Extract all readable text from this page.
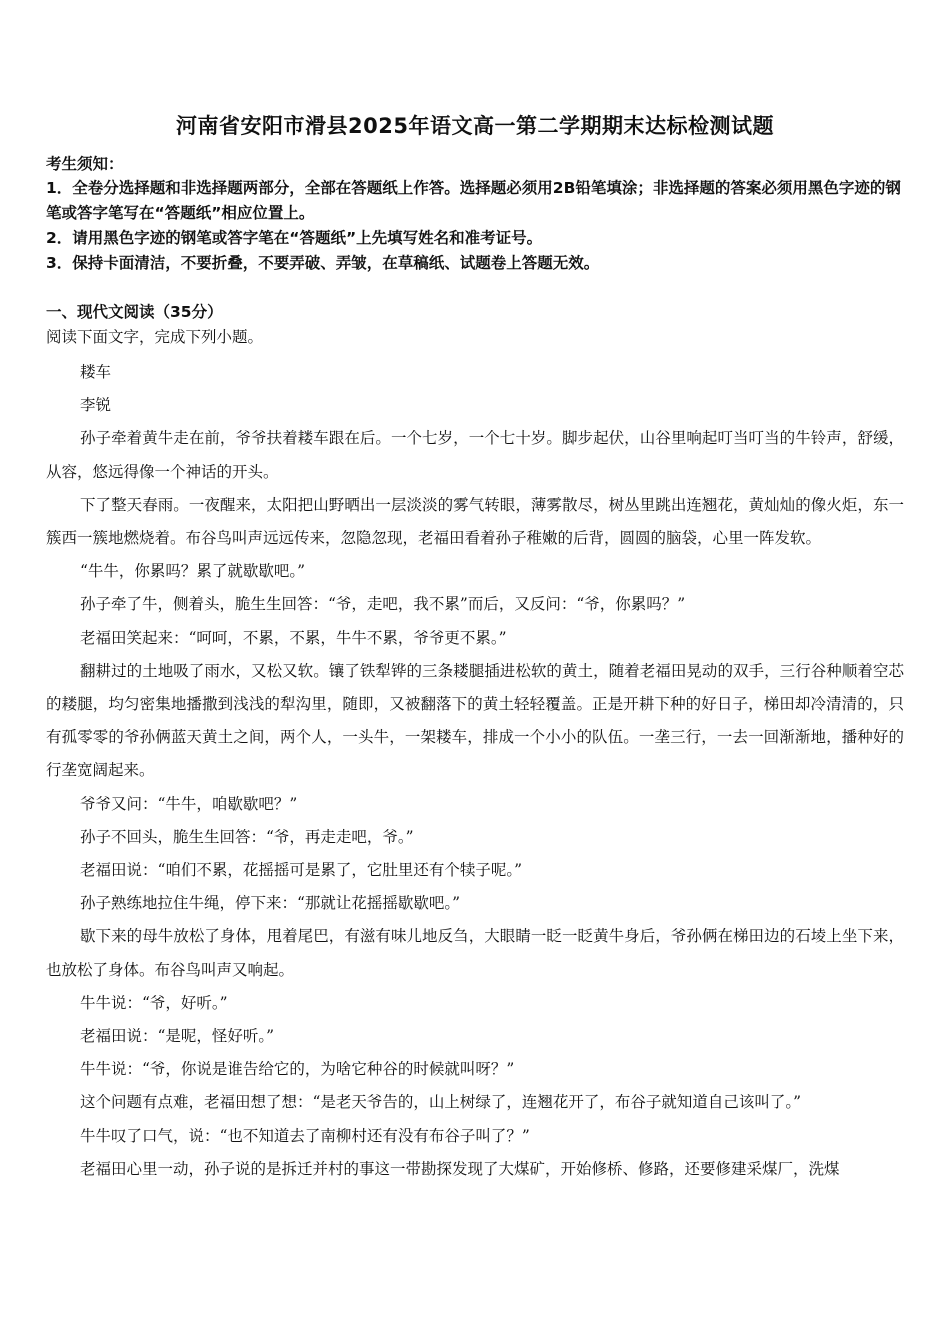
河南省安阳市滑县2025年语文高一第二学期期末达标检测试题
考生须知：

1．全卷分选择题和非选择题两部分，全部在答题纸上作答。选择题必须用2B铅笔填涂；非选择题的答案必须用黑色字迹的钢笔或答字笔写在“答题纸”相应位置上。

2．请用黑色字迹的钢笔或答字笔在“答题纸”上先填写姓名和准考证号。

3．保持卡面清洁，不要折叠，不要弄破、弄皱，在草稿纸、试题卷上答题无效。

一、现代文阅读（35分）
阅读下面文字，完成下列小题。

耧车

李锐

孙子牵着黄牛走在前，爷爷扶着耧车跟在后。一个七岁，一个七十岁。脚步起伏，山谷里响起叮当叮当的牛铃声，舒缓，从容，悠远得像一个神话的开头。

下了整天春雨。一夜醒来，太阳把山野晒出一层淡淡的雾气转眼，薄雾散尽，树丛里跳出连翘花，黄灿灿的像火炬，东一簇西一簇地燃烧着。布谷鸟叫声远远传来，忽隐忽现，老福田看着孙子稚嫩的后背，圆圆的脑袋，心里一阵发软。

“牛牛，你累吗？累了就歇歇吧。”

孙子牵了牛，侧着头，脆生生回答：“爷，走吧，我不累”而后，又反问：“爷，你累吗？”

老福田笑起来：“呵呵，不累，不累，牛牛不累，爷爷更不累。”

翻耕过的土地吸了雨水，又松又软。镶了铁犁铧的三条耧腿插进松软的黄土，随着老福田晃动的双手，三行谷种顺着空芯的耧腿，均匀密集地播撒到浅浅的犁沟里，随即，又被翻落下的黄土轻轻覆盖。正是开耕下种的好日子，梯田却冷清清的，只有孤零零的爷孙俩蓝天黄土之间，两个人，一头牛，一架耧车，排成一个小小的队伍。一垄三行，一去一回渐渐地，播种好的行垄宽阔起来。

爷爷又问：“牛牛，咱歇歇吧？”

孙子不回头，脆生生回答：“爷，再走走吧，爷。”

老福田说：“咱们不累，花摇摇可是累了，它肚里还有个犊子呢。”

孙子熟练地拉住牛绳，停下来：“那就让花摇摇歇歇吧。”

歇下来的母牛放松了身体，甩着尾巴，有滋有味儿地反刍，大眼睛一眨一眨黄牛身后，爷孙俩在梯田边的石堎上坐下来，也放松了身体。布谷鸟叫声又响起。

牛牛说：“爷，好听。”

老福田说：“是呢，怪好听。”

牛牛说：“爷，你说是谁告给它的，为啥它种谷的时候就叫呀？”

这个问题有点难，老福田想了想：“是老天爷告的，山上树绿了，连翘花开了，布谷子就知道自己该叫了。”

牛牛叹了口气，说：“也不知道去了南柳村还有没有布谷子叫了？”

老福田心里一动，孙子说的是拆迁并村的事这一带勘探发现了大煤矿，开始修桥、修路，还要修建采煤厂，洗煤
